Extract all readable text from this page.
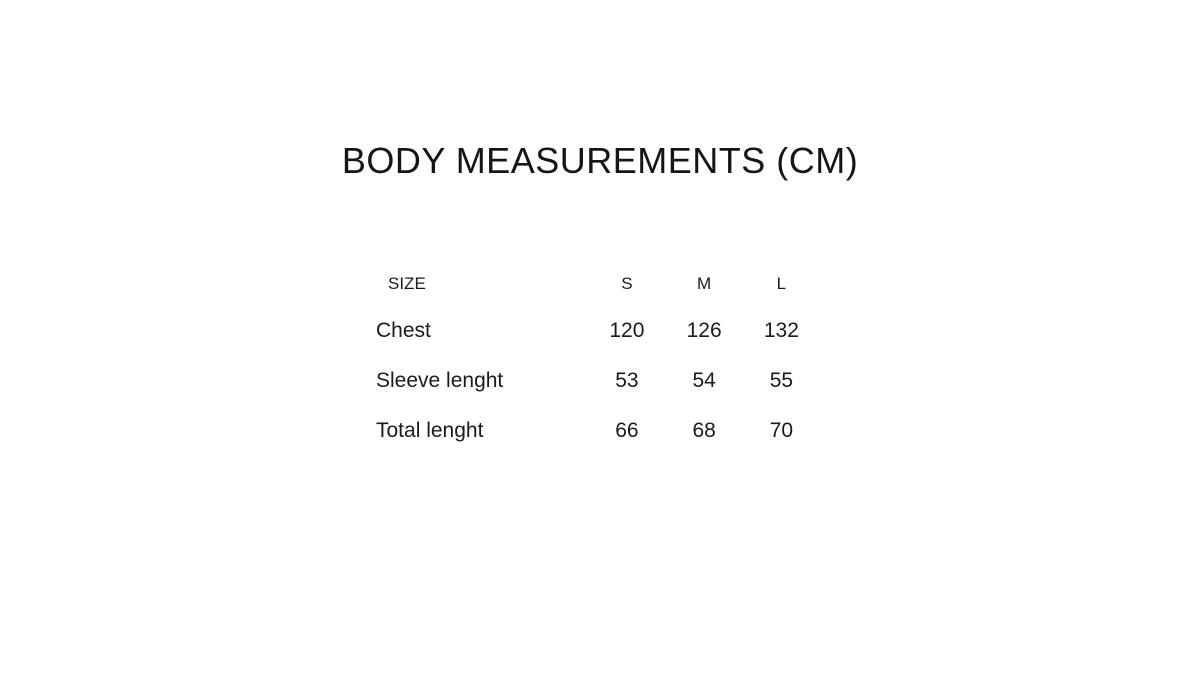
BODY MEASUREMENTS (CM)
SIZE	S	M	L
Chest	120	126	132
Sleeve lenght	53	54	55
Total lenght	66	68	70
